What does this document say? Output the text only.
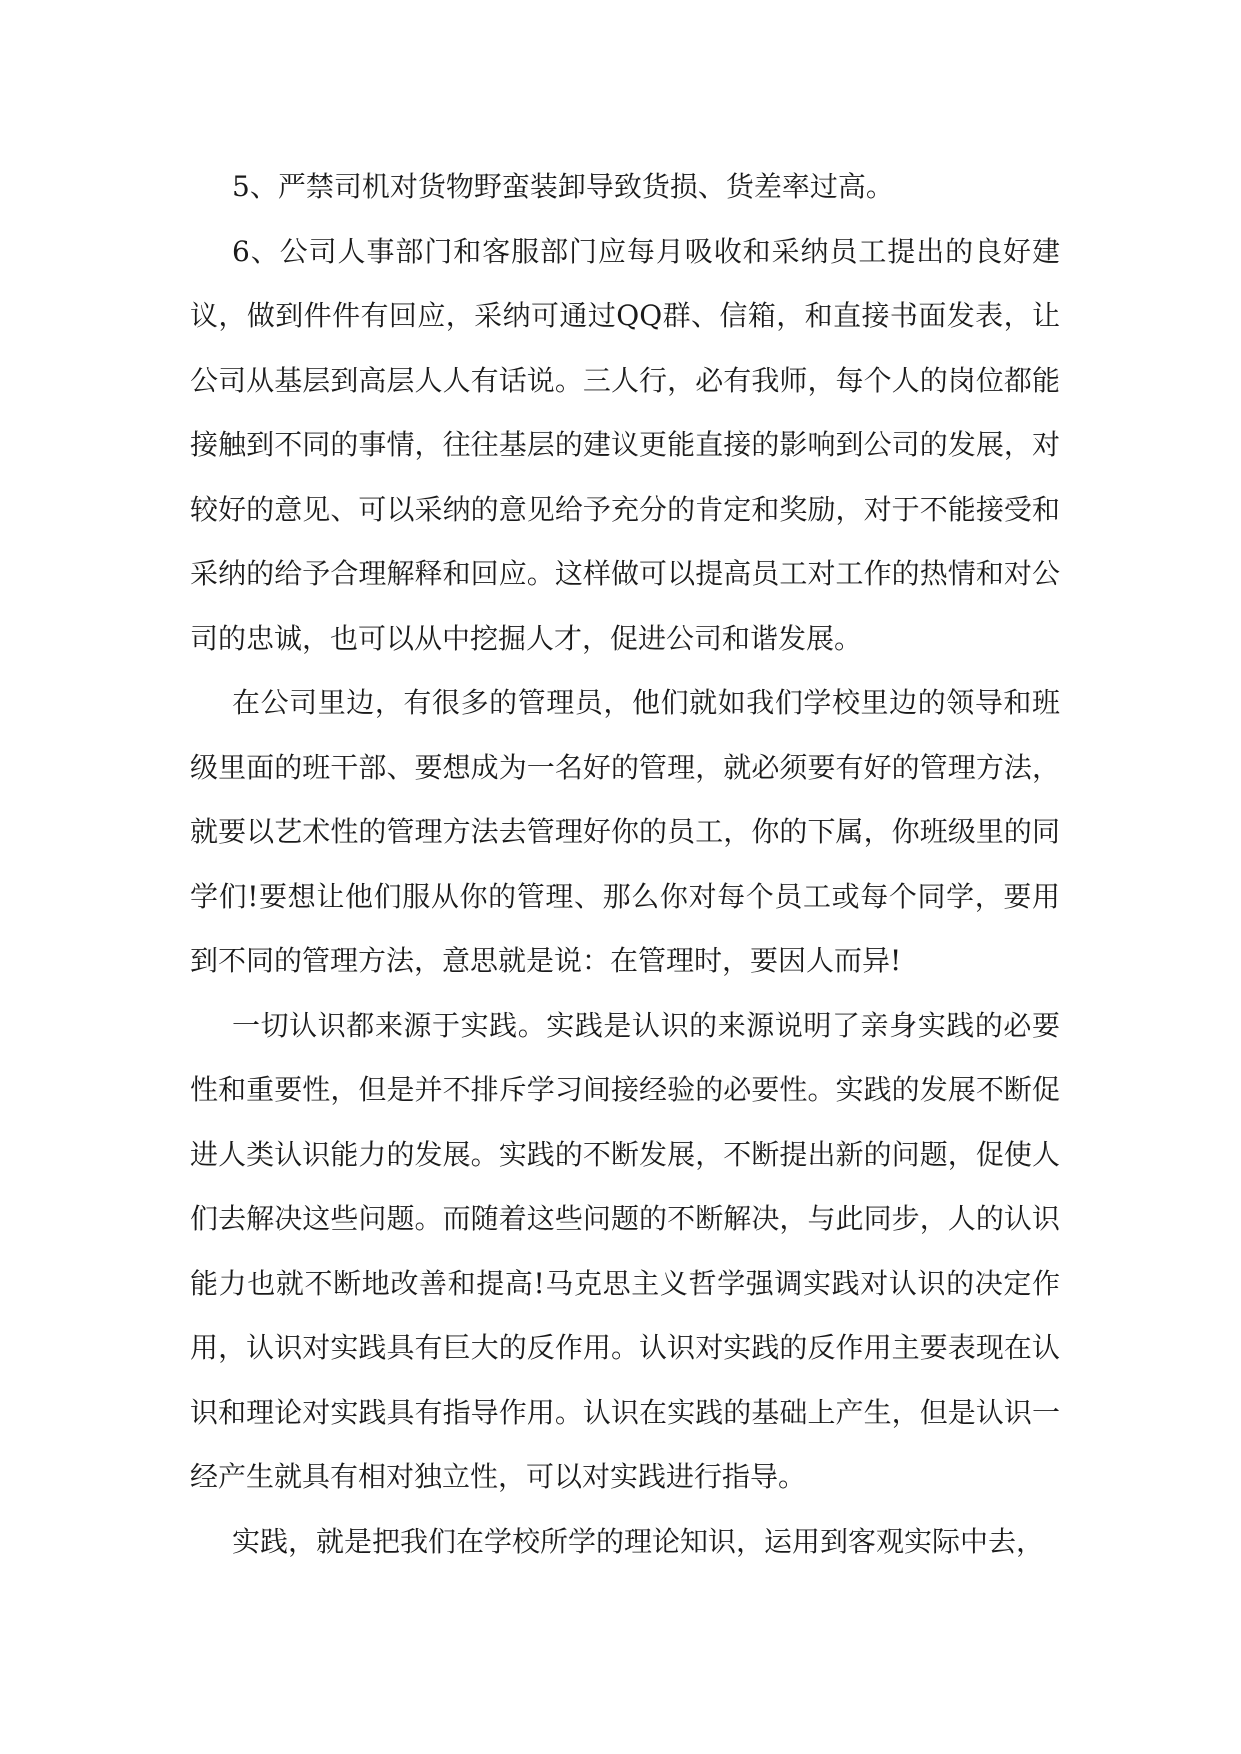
5、严禁司机对货物野蛮装卸导致货损、货差率过高。

6、公司人事部门和客服部门应每月吸收和采纳员工提出的良好建议，做到件件有回应，采纳可通过QQ群、信箱，和直接书面发表，让公司从基层到高层人人有话说。三人行，必有我师，每个人的岗位都能接触到不同的事情，往往基层的建议更能直接的影响到公司的发展，对较好的意见、可以采纳的意见给予充分的肯定和奖励，对于不能接受和采纳的给予合理解释和回应。这样做可以提高员工对工作的热情和对公司的忠诚，也可以从中挖掘人才，促进公司和谐发展。

在公司里边，有很多的管理员，他们就如我们学校里边的领导和班级里面的班干部、要想成为一名好的管理，就必须要有好的管理方法，就要以艺术性的管理方法去管理好你的员工，你的下属，你班级里的同学们!要想让他们服从你的管理、那么你对每个员工或每个同学，要用到不同的管理方法，意思就是说：在管理时，要因人而异!

一切认识都来源于实践。实践是认识的来源说明了亲身实践的必要性和重要性，但是并不排斥学习间接经验的必要性。实践的发展不断促进人类认识能力的发展。实践的不断发展，不断提出新的问题，促使人们去解决这些问题。而随着这些问题的不断解决，与此同步，人的认识能力也就不断地改善和提高!马克思主义哲学强调实践对认识的决定作用，认识对实践具有巨大的反作用。认识对实践的反作用主要表现在认识和理论对实践具有指导作用。认识在实践的基础上产生，但是认识一经产生就具有相对独立性，可以对实践进行指导。

实践，就是把我们在学校所学的理论知识，运用到客观实际中去，
